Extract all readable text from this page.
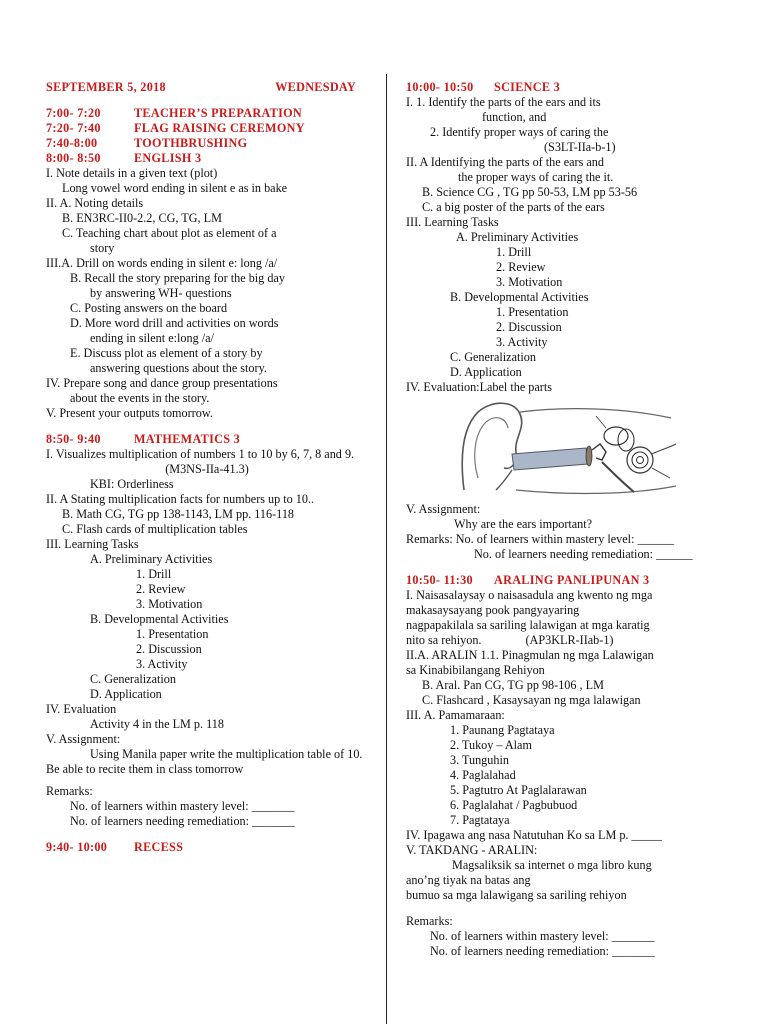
SEPTEMBER 5, 2018	WEDNESDAY
7:00- 7:20	TEACHER’S PREPARATION
7:20- 7:40	FLAG RAISING CEREMONY
7:40-8:00	TOOTHBRUSHING
8:00- 8:50	ENGLISH 3
I. Note details in a given text (plot)
Long vowel word ending in silent e as in bake
II. A. Noting details
B. EN3RC-II0-2.2, CG, TG, LM
C. Teaching chart about plot as element of a
story
III.A. Drill on words ending in silent e: long /a/
B. Recall the story preparing for the big day
by answering WH- questions
C. Posting answers on the board
D. More word drill and activities on words
ending in silent e:long /a/
E. Discuss plot as element of a story by
answering questions about the story.
IV. Prepare song and dance group presentations
about the events in the story.
V. Present your outputs tomorrow.
8:50- 9:40	MATHEMATICS 3
I. Visualizes multiplication of numbers 1 to 10 by 6, 7, 8 and 9.
(M3NS-IIa-41.3)
KBI: Orderliness
II. A Stating multiplication facts for numbers up to 10..
B. Math CG, TG pp 138-1143, LM pp. 116-118
C. Flash cards of multiplication tables
III. Learning Tasks
A. Preliminary Activities
1. Drill
2. Review
3. Motivation
B. Developmental Activities
1. Presentation
2. Discussion
3. Activity
C. Generalization
D. Application
IV. Evaluation
Activity 4 in the LM p. 118
V. Assignment:
Using Manila paper write the multiplication table of 10. Be able to recite them in class tomorrow
Remarks:
No. of learners within mastery level: _______
No. of learners needing remediation: _______
9:40- 10:00 RECESS
10:00- 10:50 SCIENCE 3
I. 1. Identify the parts of the ears and its
function, and
2. Identify proper ways of caring the
(S3LT-IIa-b-1)
II. A Identifying the parts of the ears and
the proper ways of caring the it.
B. Science CG , TG pp 50-53, LM pp 53-56
C. a big poster of the parts of the ears
III. Learning Tasks
A. Preliminary Activities
1. Drill
2. Review
3. Motivation
B. Developmental Activities
1. Presentation
2. Discussion
3. Activity
C. Generalization
D. Application
IV. Evaluation:Label the parts
V. Assignment:
Why are the ears important?
Remarks: No. of learners within mastery level: ______
No. of learners needing remediation: ______
10:50- 11:30 ARALING PANLIPUNAN 3
I. Naisasalaysay o naisasadula ang kwento ng mga
makasaysayang pook pangyayaring
nagpapakilala sa sariling lalawigan at mga karatig
nito sa rehiyon.	(AP3KLR-IIab-1)
II.A. ARALIN 1.1. Pinagmulan ng mga Lalawigan
sa Kinabibilangang Rehiyon
B. Aral. Pan CG, TG pp 98-106 , LM
C. Flashcard , Kasaysayan ng mga lalawigan
III. A. Pamamaraan:
1. Paunang Pagtataya
2. Tukoy – Alam
3. Tunguhin
4. Paglalahad
5. Pagtutro At Paglalarawan
6. Paglalahat / Pagbubuod
7. Pagtataya
IV. Ipagawa ang nasa Natutuhan Ko sa LM p. _____
V. TAKDANG - ARALIN:
Magsaliksik sa internet o mga libro kung
ano’ng tiyak na batas ang
bumuo sa mga lalawigang sa sariling rehiyon
Remarks:
No. of learners within mastery level: _______
No. of learners needing remediation: _______
